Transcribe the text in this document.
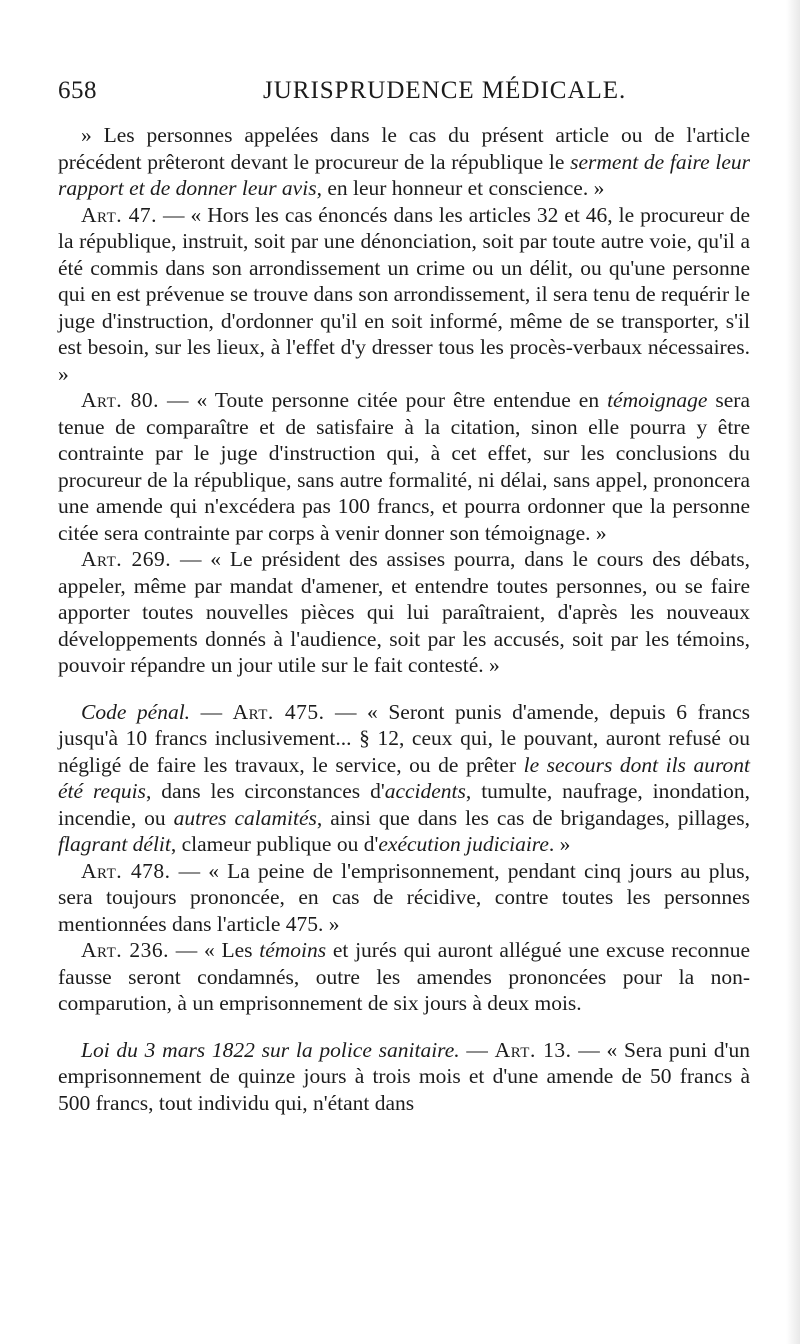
658	JURISPRUDENCE MÉDICALE.

» Les personnes appelées dans le cas du présent article ou de l'article précédent prêteront devant le procureur de la république le serment de faire leur rapport et de donner leur avis, en leur honneur et conscience. »

Art. 47. — « Hors les cas énoncés dans les articles 32 et 46, le procureur de la république, instruit, soit par une dénonciation, soit par toute autre voie, qu'il a été commis dans son arrondissement un crime ou un délit, ou qu'une personne qui en est prévenue se trouve dans son arrondissement, il sera tenu de requérir le juge d'instruction, d'ordonner qu'il en soit informé, même de se transporter, s'il est besoin, sur les lieux, à l'effet d'y dresser tous les procès-verbaux nécessaires. »

Art. 80. — « Toute personne citée pour être entendue en témoignage sera tenue de comparaître et de satisfaire à la citation, sinon elle pourra y être contrainte par le juge d'instruction qui, à cet effet, sur les conclusions du procureur de la république, sans autre formalité, ni délai, sans appel, prononcera une amende qui n'excédera pas 100 francs, et pourra ordonner que la personne citée sera contrainte par corps à venir donner son témoignage. »

Art. 269. — « Le président des assises pourra, dans le cours des débats, appeler, même par mandat d'amener, et entendre toutes personnes, ou se faire apporter toutes nouvelles pièces qui lui paraîtraient, d'après les nouveaux développements donnés à l'audience, soit par les accusés, soit par les témoins, pouvoir répandre un jour utile sur le fait contesté. »

Code pénal. — Art. 475. — « Seront punis d'amende, depuis 6 francs jusqu'à 10 francs inclusivement... § 12, ceux qui, le pouvant, auront refusé ou négligé de faire les travaux, le service, ou de prêter le secours dont ils auront été requis, dans les circonstances d'accidents, tumulte, naufrage, inondation, incendie, ou autres calamités, ainsi que dans les cas de brigandages, pillages, flagrant délit, clameur publique ou d'exécution judiciaire. »

Art. 478. — « La peine de l'emprisonnement, pendant cinq jours au plus, sera toujours prononcée, en cas de récidive, contre toutes les personnes mentionnées dans l'article 475. »

Art. 236. — « Les témoins et jurés qui auront allégué une excuse reconnue fausse seront condamnés, outre les amendes prononcées pour la non-comparution, à un emprisonnement de six jours à deux mois.

Loi du 3 mars 1822 sur la police sanitaire. — Art. 13. — « Sera puni d'un emprisonnement de quinze jours à trois mois et d'une amende de 50 francs à 500 francs, tout individu qui, n'étant dans
